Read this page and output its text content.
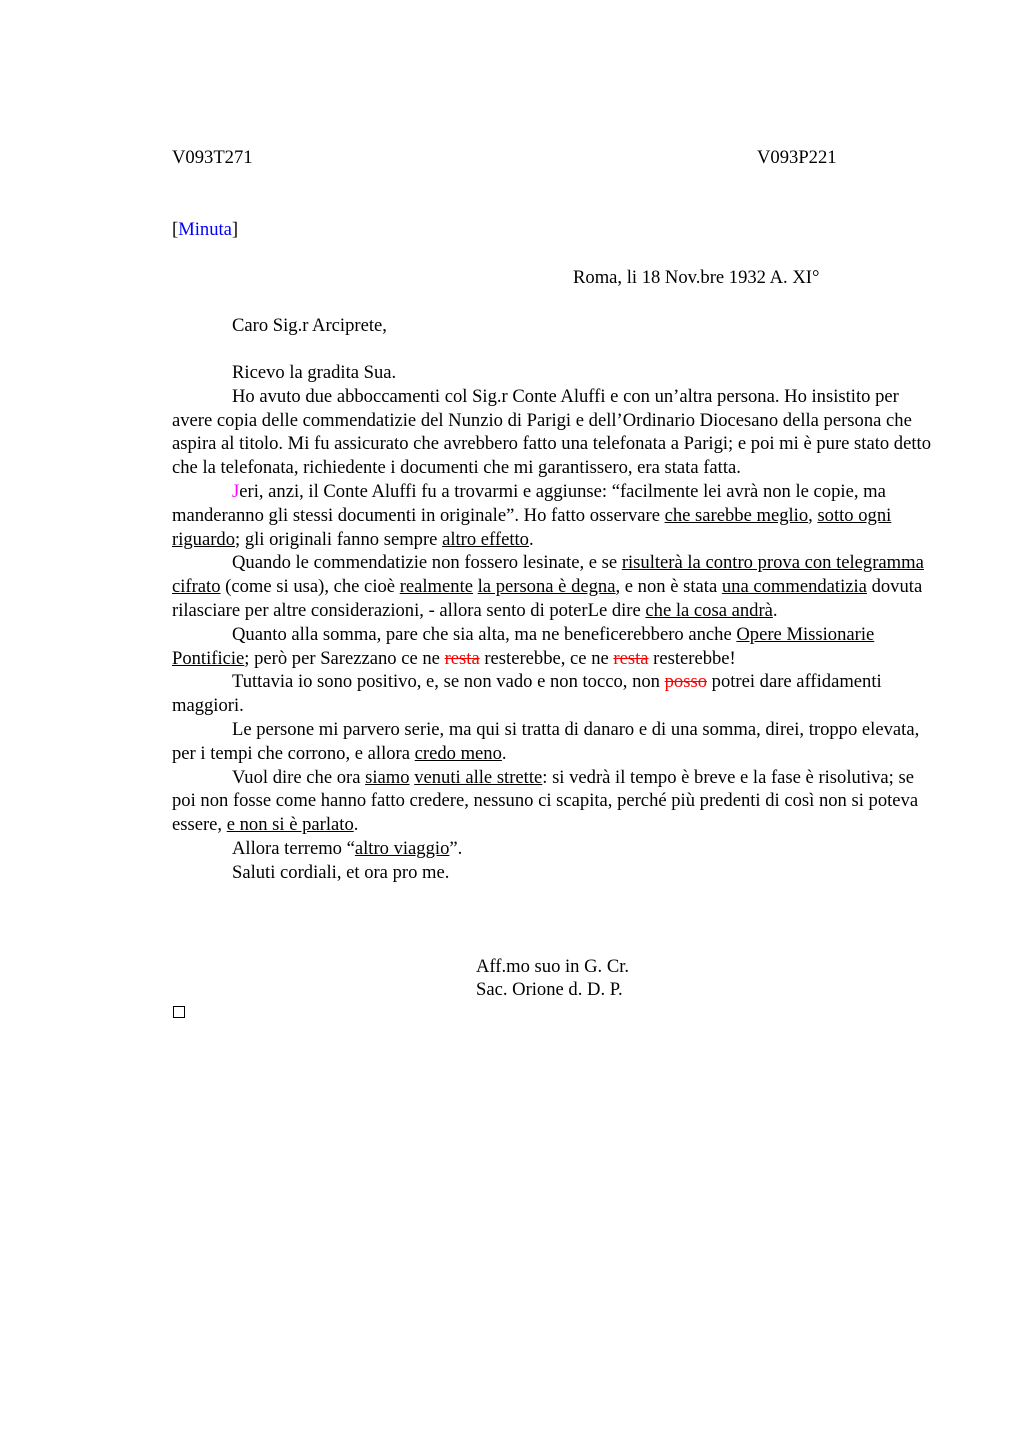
V093T271	V093P221
[Minuta]
Roma, li 18 Nov.bre 1932 A. XI°
Caro Sig.r Arciprete,

Ricevo la gradita Sua.

Ho avuto due abboccamenti col Sig.r Conte Aluffi e con un’altra persona. Ho insistito per avere copia delle commendatizie del Nunzio di Parigi e dell’Ordinario Diocesano della persona che aspira al titolo. Mi fu assicurato che avrebbero fatto una telefonata a Parigi; e poi mi è pure stato detto che la telefonata, richiedente i documenti che mi garantissero, era stata fatta.

Jeri, anzi, il Conte Aluffi fu a trovarmi e aggiunse: “facilmente lei avrà non le copie, ma manderanno gli stessi documenti in originale”. Ho fatto osservare che sarebbe meglio, sotto ogni riguardo; gli originali fanno sempre altro effetto.

Quando le commendatizie non fossero lesinate, e se risulterà la contro prova con telegramma cifrato (come si usa), che cioè realmente la persona è degna, e non è stata una commendatizia dovuta rilasciare per altre considerazioni, - allora sento di poterLe dire che la cosa andrà.

Quanto alla somma, pare che sia alta, ma ne beneficerebbero anche Opere Missionarie Pontificie; però per Sarezzano ce ne resta resterebbe, ce ne resta resterebbe!

Tuttavia io sono positivo, e, se non vado e non tocco, non posso potrei dare affidamenti maggiori.

Le persone mi parvero serie, ma qui si tratta di danaro e di una somma, direi, troppo elevata, per i tempi che corrono, e allora credo meno.

Vuol dire che ora siamo venuti alle strette: si vedrà il tempo è breve e la fase è risolutiva; se poi non fosse come hanno fatto credere, nessuno ci scapita, perché più predenti di così non si poteva essere, e non si è parlato.

Allora terremo “altro viaggio”.

Saluti cordiali, et ora pro me.

Aff.mo suo in G. Cr.
Sac. Orione d. D. P.
